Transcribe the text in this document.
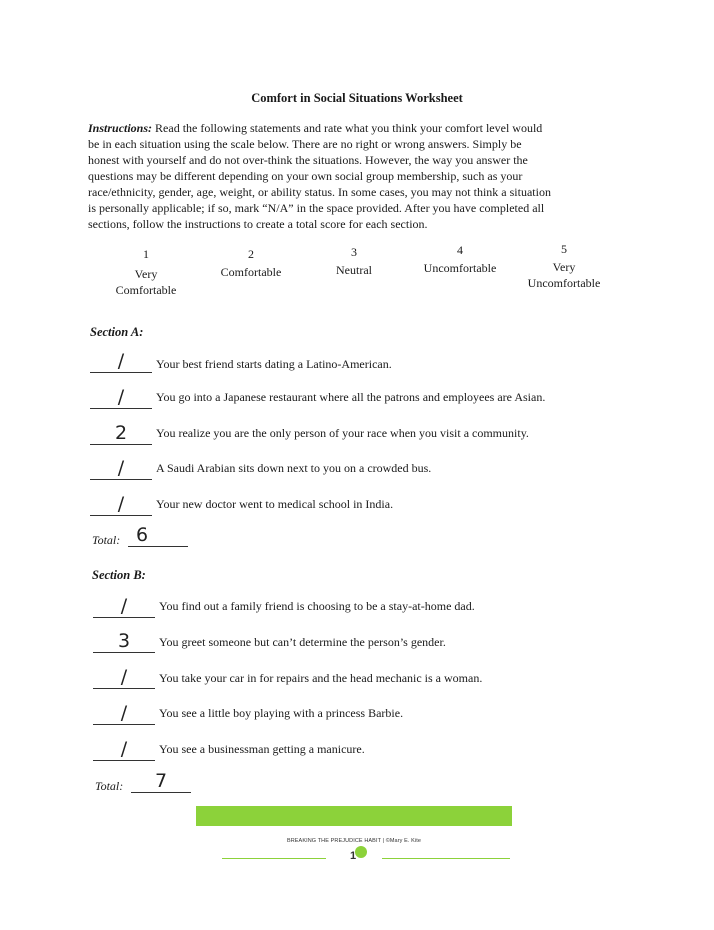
Comfort in Social Situations Worksheet
Instructions: Read the following statements and rate what you think your comfort level would
be in each situation using the scale below. There are no right or wrong answers. Simply be
honest with yourself and do not over-think the situations. However, the way you answer the
questions may be different depending on your own social group membership, such as your
race/ethnicity, gender, age, weight, or ability status. In some cases, you may not think a situation
is personally applicable; if so, mark “N/A” in the space provided. After you have completed all
sections, follow the instructions to create a total score for each section.
1
Very
Comfortable
2
Comfortable
3
Neutral
4
Uncomfortable
5
Very
Uncomfortable
Section A:
/	Your best friend starts dating a Latino-American.
/	You go into a Japanese restaurant where all the patrons and employees are Asian.
2	You realize you are the only person of your race when you visit a community.
/	A Saudi Arabian sits down next to you on a crowded bus.
/	Your new doctor went to medical school in India.
Total: 6
Section B:
/	You find out a family friend is choosing to be a stay-at-home dad.
3	You greet someone but can’t determine the person’s gender.
/	You take your car in for repairs and the head mechanic is a woman.
/	You see a little boy playing with a princess Barbie.
/	You see a businessman getting a manicure.
Total: 7
BREAKING THE PREJUDICE HABIT | ©Mary E. Kite
1
